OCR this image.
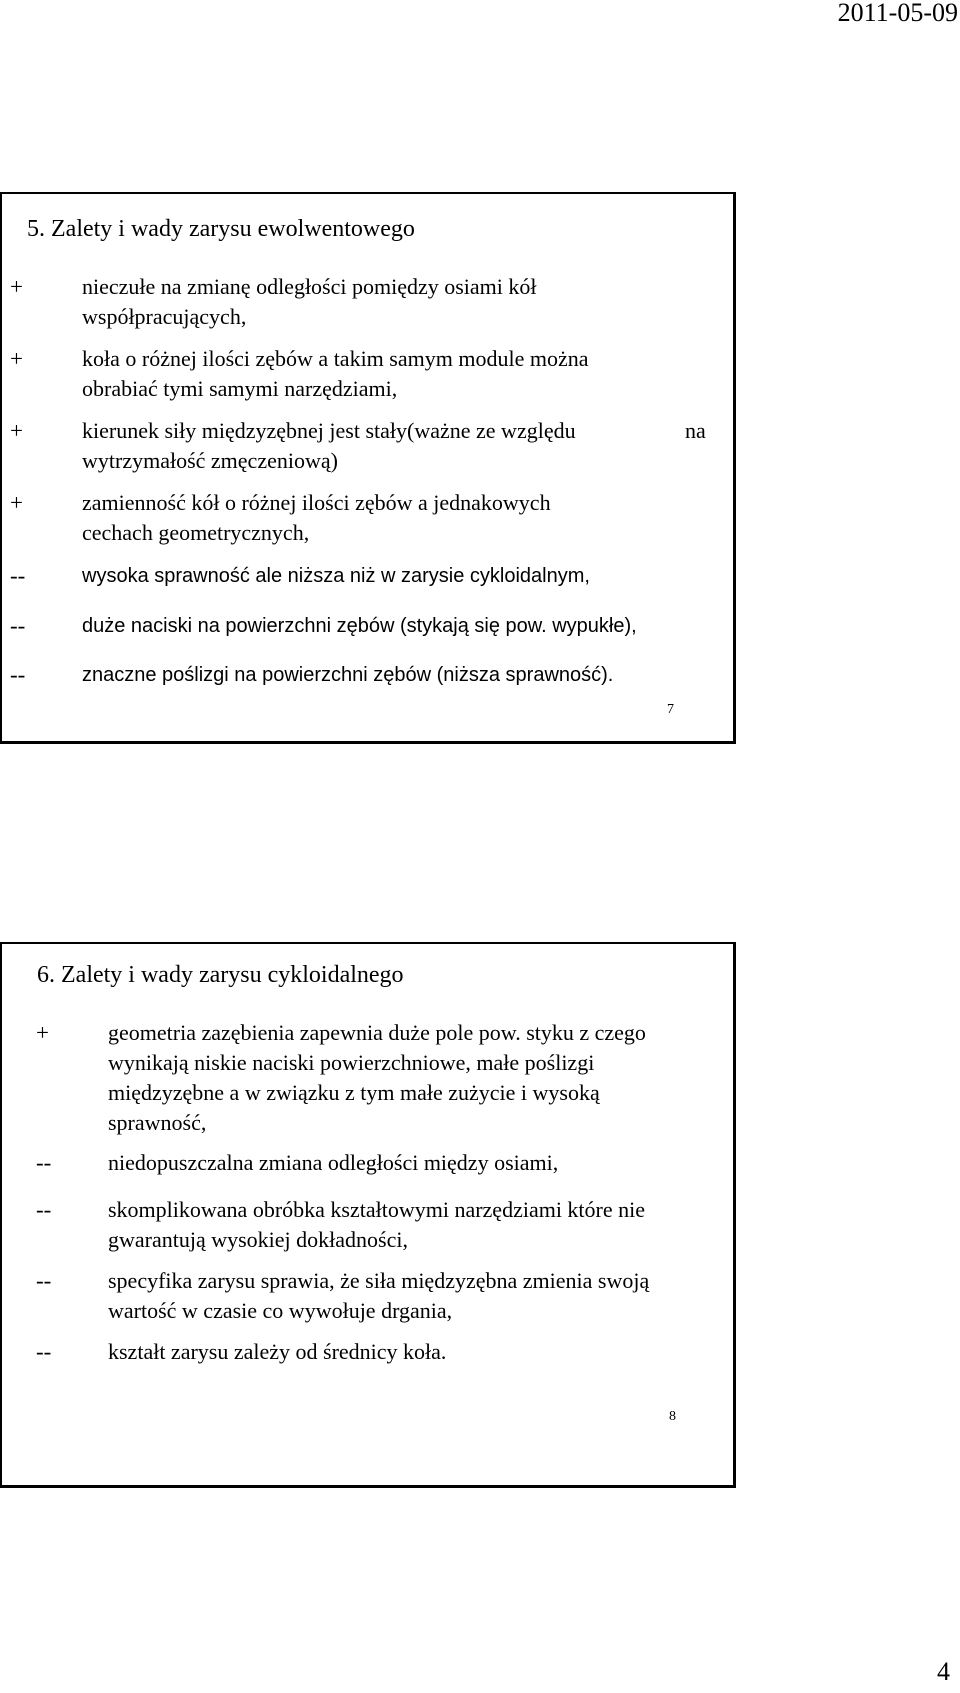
2011-05-09
5. Zalety i wady zarysu ewolwentowego
+	nieczułe na zmianę odległości pomiędzy osiami kół
współpracujących,
+	koła o różnej ilości zębów a takim samym module można
obrabiać tymi samymi narzędziami,
+	kierunek siły międzyzębnej jest stały(ważne ze względu	na
wytrzymałość zmęczeniową)
+	zamienność kół o różnej ilości zębów a jednakowych
cechach geometrycznych,
--	wysoka sprawność ale niższa niż w zarysie cykloidalnym,
--	duże naciski na powierzchni zębów (stykają się pow. wypukłe),
--	znaczne poślizgi na powierzchni zębów (niższa sprawność).
7
6. Zalety i wady zarysu cykloidalnego
+	geometria zazębienia zapewnia duże pole pow. styku z czego wynikają niskie naciski powierzchniowe, małe poślizgi międzyzębne a w związku z tym małe zużycie i wysoką sprawność,
--	niedopuszczalna zmiana odległości między osiami,
--	skomplikowana obróbka kształtowymi narzędziami które nie gwarantują wysokiej dokładności,
--	specyfika zarysu sprawia, że siła międzyzębna zmienia swoją wartość w czasie co wywołuje drgania,
--	kształt zarysu zależy od średnicy koła.
8
4
